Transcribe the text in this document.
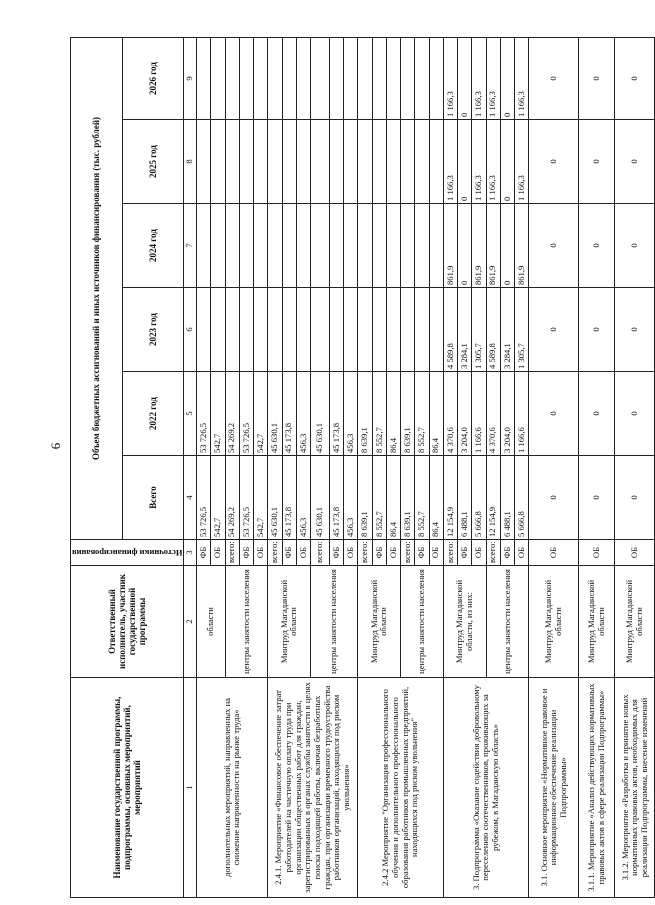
9
Наименование государственной программы, подпрограммы, основных мероприятий, мероприятий	Ответственный исполнитель, участник государственной программы	Источники финансирования	Объем бюджетных ассигнований и иных источников финансирования (тыс. рублей)					
			Всего	2022 год	2023 год	2024 год	2025 год	2026 год
1	2	3	4	5	6	7	8	9
дополнительных мероприятий, направленных на снижение напряженности на рынке труда»	области	ФБ	53 726,5	53 726,5				
		ОБ	542,7	542,7				
	центры занятости населения	всего:	54 269,2	54 269,2				
		ФБ	53 726,5	53 726,5				
		ОБ	542,7	542,7				
2.4.1. Мероприятие «Финансовое обеспечение затрат работодателей на частичную оплату труда при организации общественных работ для граждан, зарегистрированных в органах службы занятости в целях поиска подходящей работы, включая безработных граждан, при организации временного трудоустройства работников организаций, находящихся под риском увольнения»	Минтруд Магаданской области	всего:	45 630,1	45 630,1				
		ФБ	45 173,8	45 173,8				
		ОБ	456,3	456,3				
	центры занятости населения	всего:	45 630,1	45 630,1				
		ФБ	45 173,8	45 173,8				
		ОБ	456,3	456,3				
2.4.2 Мероприятие "Организация профессионального обучения и дополнительного профессионального образования работников промышленных предприятий, находящихся под риском увольнения"	Минтруд Магаданской области	всего:	8 639,1	8 639,1				
		ФБ	8 552,7	8 552,7				
		ОБ	86,4	86,4				
	центры занятости населения	всего:	8 639,1	8 639,1				
		ФБ	8 552,7	8 552,7				
		ОБ	86,4	86,4				
3. Подпрограмма «Оказание содействия добровольному переселению соотечественников, проживающих за рубежом, в Магаданскую область»	Минтруд Магаданской области, из них:	всего:	12 154,9	4 370,6	4 589,8	861,9	1 166,3	1 166,3
		ФБ	6 488,1	3 204,0	3 284,1	0	0	0
		ОБ	5 666,8	1 166,6	1 305,7	861,9	1 166,3	1 166,3
	центры занятости населения	всего:	12 154,9	4 370,6	4 589,8	861,9	1 166,3	1 166,3
		ФБ	6 488,1	3 204,0	3 284,1	0	0	0
		ОБ	5 666,8	1 166,6	1 305,7	861,9	1 166,3	1 166,3
3.1. Основное мероприятие «Нормативное правовое и информационное обеспечение реализации Подпрограммы»	Минтруд Магаданской области	ОБ	0	0	0	0	0	0
3.1.1. Мероприятие «Анализ действующих нормативных правовых актов в сфере реализации Подпрограммы»	Минтруд Магаданской области	ОБ	0	0	0	0	0	0
3.1.2. Мероприятие «Разработка и принятие новых нормативных правовых актов, необходимых для реализации Подпрограммы, внесение изменений	Минтруд Магаданской области	ОБ	0	0	0	0	0	0
